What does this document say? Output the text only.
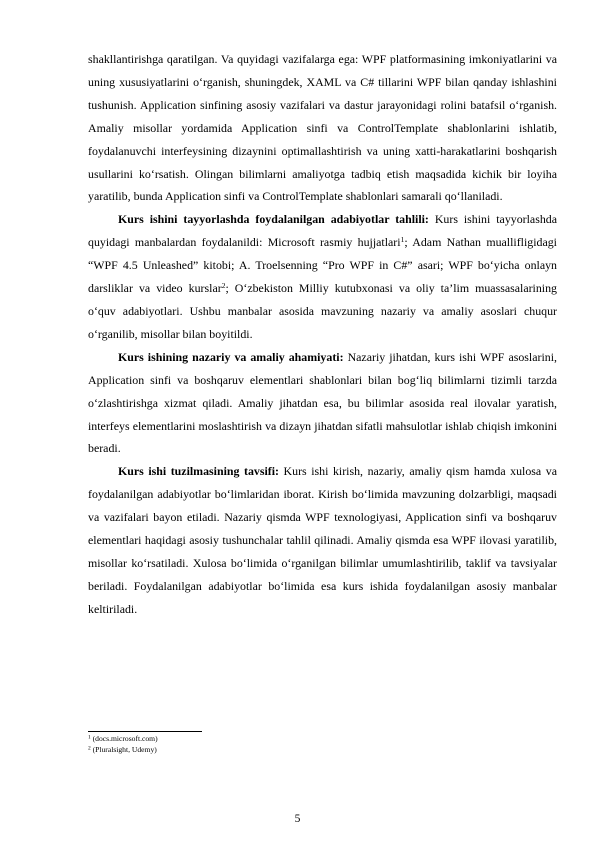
shakllantirishga qaratilgan. Va quyidagi vazifalarga ega: WPF platformasining imkoniyatlarini va uning xususiyatlarini o‘rganish, shuningdek, XAML va C# tillarini WPF bilan qanday ishlashini tushunish. Application sinfining asosiy vazifalari va dastur jarayonidagi rolini batafsil o‘rganish. Amaliy misollar yordamida Application sinfi va ControlTemplate shablonlarini ishlatib, foydalanuvchi interfeysining dizaynini optimallashtirish va uning xatti-harakatlarini boshqarish usullarini ko‘rsatish. Olingan bilimlarni amaliyotga tadbiq etish maqsadida kichik bir loyiha yaratilib, bunda Application sinfi va ControlTemplate shablonlari samarali qo‘llaniladi.

Kurs ishini tayyorlashda foydalanilgan adabiyotlar tahlili: Kurs ishini tayyorlashda quyidagi manbalardan foydalanildi: Microsoft rasmiy hujjatlari$^1$; Adam Nathan muallifligidagi “WPF 4.5 Unleashed” kitobi; A. Troelsenning “Pro WPF in C#” asari; WPF bo‘yicha onlayn darsliklar va video kurslar$^2$; O‘zbekiston Milliy kutubxonasi va oliy ta’lim muassasalarining o‘quv adabiyotlari. Ushbu manbalar asosida mavzuning nazariy va amaliy asoslari chuqur o‘rganilib, misollar bilan boyitildi.

Kurs ishining nazariy va amaliy ahamiyati: Nazariy jihatdan, kurs ishi WPF asoslarini, Application sinfi va boshqaruv elementlari shablonlari bilan bog‘liq bilimlarni tizimli tarzda o‘zlashtirishga xizmat qiladi. Amaliy jihatdan esa, bu bilimlar asosida real ilovalar yaratish, interfeys elementlarini moslashtirish va dizayn jihatdan sifatli mahsulotlar ishlab chiqish imkonini beradi.

Kurs ishi tuzilmasining tavsifi: Kurs ishi kirish, nazariy, amaliy qism hamda xulosa va foydalanilgan adabiyotlar bo‘limlaridan iborat. Kirish bo‘limida mavzuning dolzarbligi, maqsadi va vazifalari bayon etiladi. Nazariy qismda WPF texnologiyasi, Application sinfi va boshqaruv elementlari haqidagi asosiy tushunchalar tahlil qilinadi. Amaliy qismda esa WPF ilovasi yaratilib, misollar ko‘rsatiladi. Xulosa bo‘limida o‘rganilgan bilimlar umumlashtirilib, taklif va tavsiyalar beriladi. Foydalanilgan adabiyotlar bo‘limida esa kurs ishida foydalanilgan asosiy manbalar keltiriladi.

$^1$ (docs.microsoft.com)
$^2$ (Pluralsight, Udemy)
5
